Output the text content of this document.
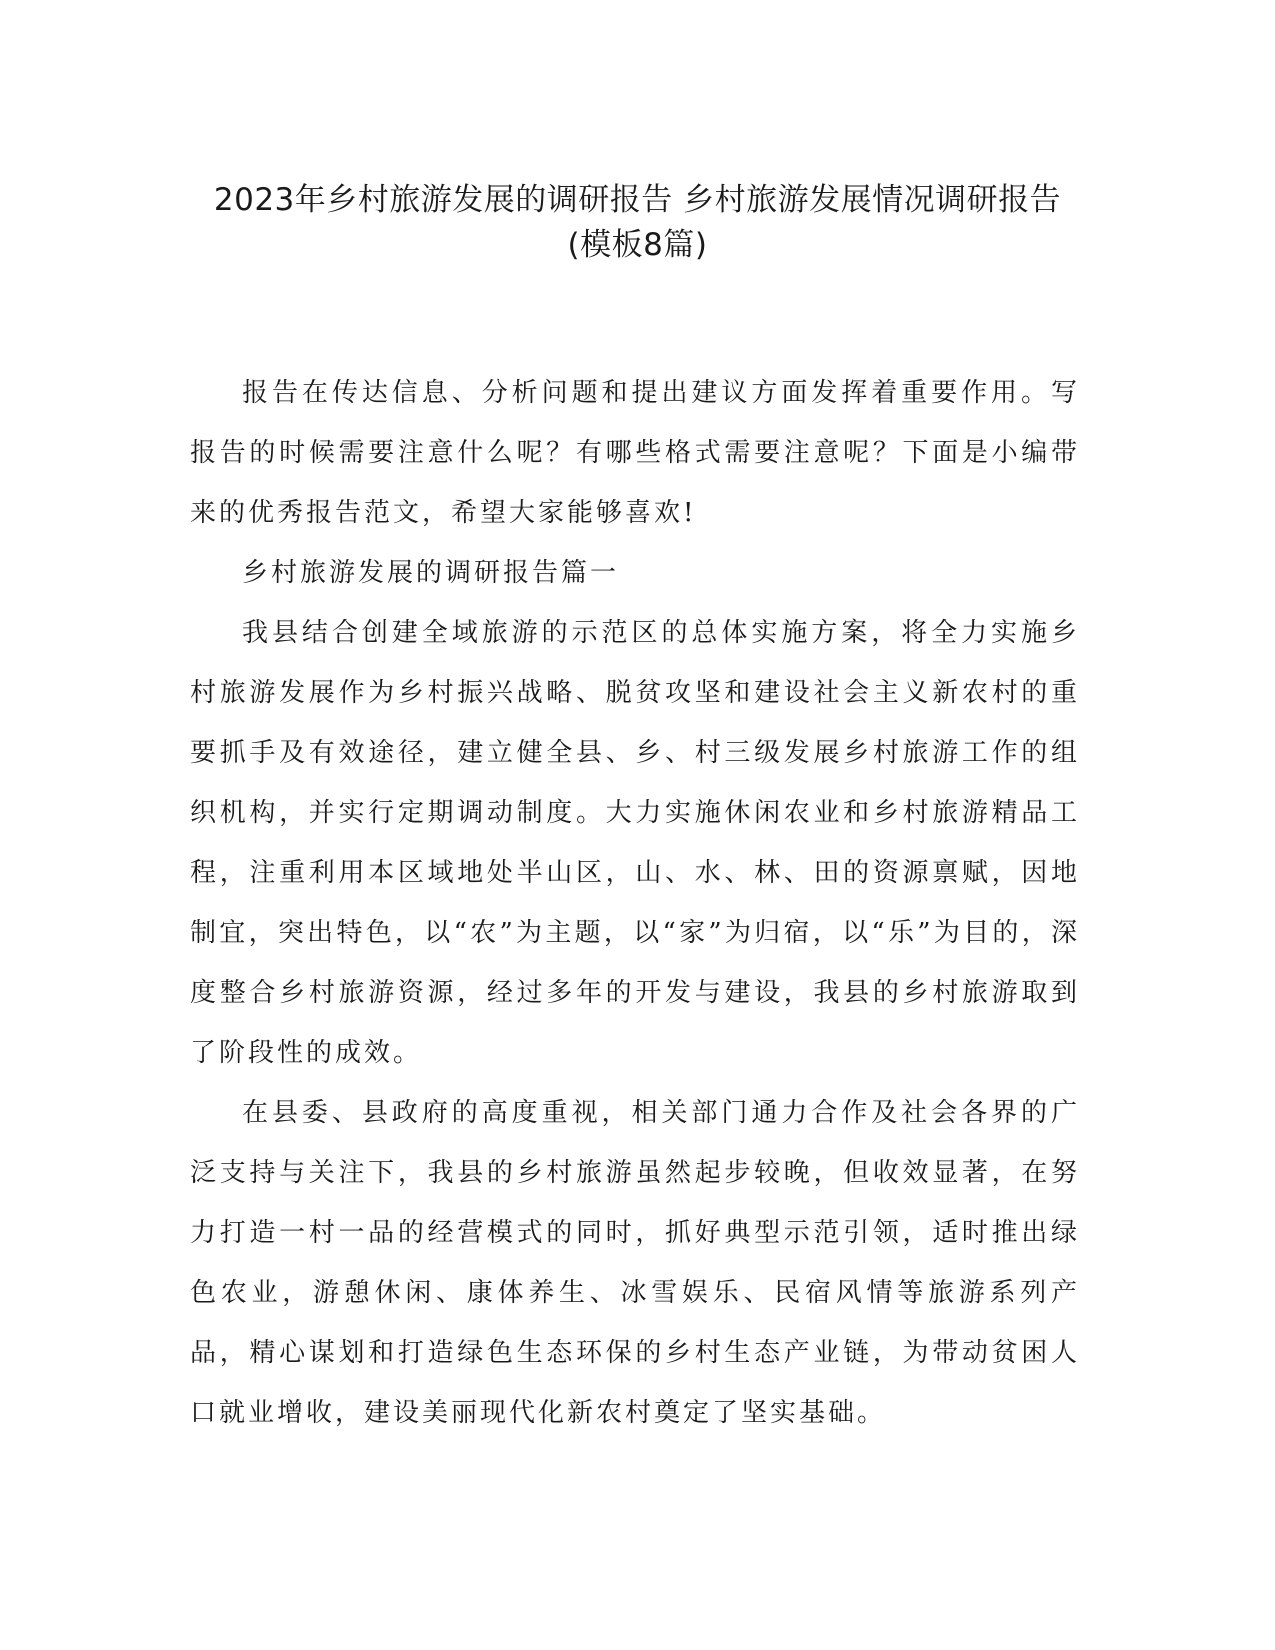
2023年乡村旅游发展的调研报告 乡村旅游发展情况调研报告
(模板8篇)

报告在传达信息、分析问题和提出建议方面发挥着重要作用。写报告的时候需要注意什么呢？有哪些格式需要注意呢？下面是小编带来的优秀报告范文，希望大家能够喜欢!

乡村旅游发展的调研报告篇一

我县结合创建全域旅游的示范区的总体实施方案，将全力实施乡村旅游发展作为乡村振兴战略、脱贫攻坚和建设社会主义新农村的重要抓手及有效途径，建立健全县、乡、村三级发展乡村旅游工作的组织机构，并实行定期调动制度。大力实施休闲农业和乡村旅游精品工程，注重利用本区域地处半山区，山、水、林、田的资源禀赋，因地制宜，突出特色，以“农”为主题，以“家”为归宿，以“乐”为目的，深度整合乡村旅游资源，经过多年的开发与建设，我县的乡村旅游取到了阶段性的成效。

在县委、县政府的高度重视，相关部门通力合作及社会各界的广泛支持与关注下，我县的乡村旅游虽然起步较晚，但收效显著，在努力打造一村一品的经营模式的同时，抓好典型示范引领，适时推出绿色农业，游憩休闲、康体养生、冰雪娱乐、民宿风情等旅游系列产品，精心谋划和打造绿色生态环保的乡村生态产业链，为带动贫困人口就业增收，建设美丽现代化新农村奠定了坚实基础。
